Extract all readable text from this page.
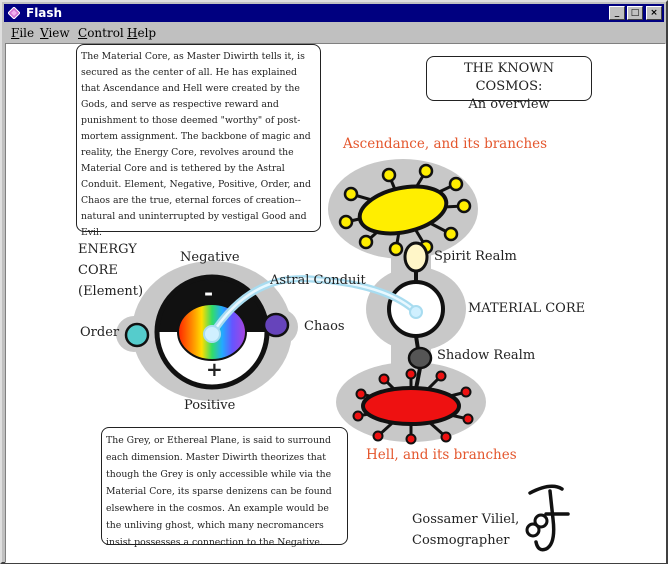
Flash	_	□	×
File View Control Help
The Material Core, as Master Diwirth tells it, is secured as the center of all. He has explained that Ascendance and Hell were created by the Gods, and serve as respective reward and punishment to those deemed "worthy" of post-mortem assignment. The backbone of magic and reality, the Energy Core, revolves around the Material Core and is tethered by the Astral Conduit. Element, Negative, Positive, Order, and Chaos are the true, eternal forces of creation--natural and uninterrupted by vestigal Good and Evil.
THE KNOWN COSMOS:
An overview
The Grey, or Ethereal Plane, is said to surround each dimension. Master Diwirth theorizes that though the Grey is only accessible while via the Material Core, its sparse denizens can be found elsewhere in the cosmos. An example would be the unliving ghost, which many necromancers insist possesses a connection to the Negative.
Ascendance, and its branches
Hell, and its branches
Spirit Realm
MATERIAL CORE
Shadow Realm
Astral Conduit
ENERGY
CORE
(Element)
Negative
Positive
Order	Chaos
-
+
Gossamer Viliel,
Cosmographer
